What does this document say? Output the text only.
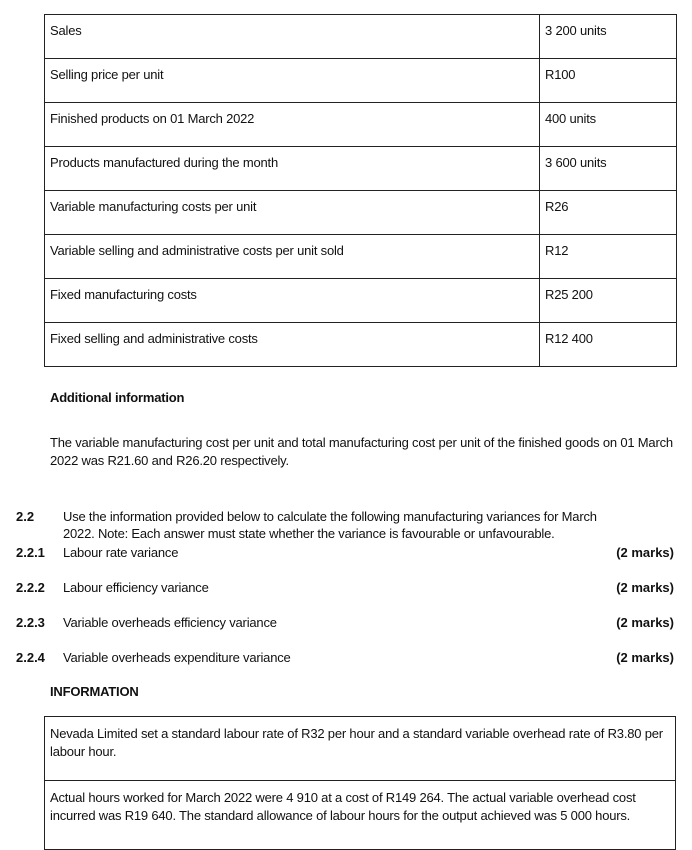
Sales	3 200 units
Selling price per unit	R100
Finished products on 01 March 2022	400 units
Products manufactured during the month	3 600 units
Variable manufacturing costs per unit	R26
Variable selling and administrative costs per unit sold	R12
Fixed manufacturing costs	R25 200
Fixed selling and administrative costs	R12 400
Additional information
The variable manufacturing cost per unit and total manufacturing cost per unit of the finished goods on 01 March 2022 was R21.60 and R26.20 respectively.
2.2 Use the information provided below to calculate the following manufacturing variances for March 2022. Note: Each answer must state whether the variance is favourable or unfavourable.
2.2.1 Labour rate variance	(2 marks)
2.2.2 Labour efficiency variance	(2 marks)
2.2.3 Variable overheads efficiency variance	(2 marks)
2.2.4 Variable overheads expenditure variance	(2 marks)
INFORMATION
Nevada Limited set a standard labour rate of R32 per hour and a standard variable overhead rate of R3.80 per labour hour.
Actual hours worked for March 2022 were 4 910 at a cost of R149 264. The actual variable overhead cost incurred was R19 640. The standard allowance of labour hours for the output achieved was 5 000 hours.
